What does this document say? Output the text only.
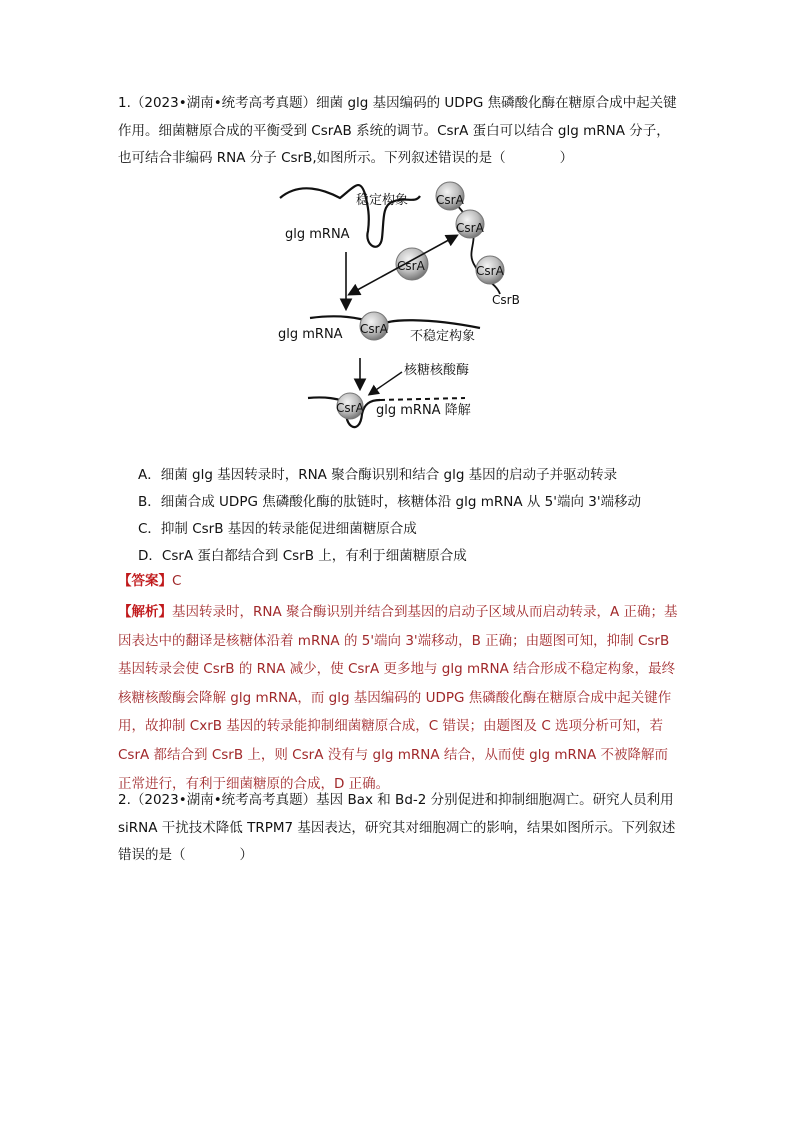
1.（2023•湖南•统考高考真题）细菌 glg 基因编码的 UDPG 焦磷酸化酶在糖原合成中起关键作用。细菌糖原合成的平衡受到 CsrAB 系统的调节。CsrA 蛋白可以结合 glg mRNA 分子，也可结合非编码 RNA 分子 CsrB,如图所示。下列叙述错误的是（　　　　）

稳定构象
glg mRNA
CsrA
CsrA
CsrA
CsrB
CsrA
CsrA
glg mRNA	不稳定构象
核糖核酸酶
CsrA glg mRNA 降解

A．细菌 glg 基因转录时，RNA 聚合酶识别和结合 glg 基因的启动子并驱动转录

B．细菌合成 UDPG 焦磷酸化酶的肽链时，核糖体沿 glg mRNA 从 5'端向 3'端移动

C．抑制 CsrB 基因的转录能促进细菌糖原合成

D．CsrA 蛋白都结合到 CsrB 上，有利于细菌糖原合成

【答案】C

【解析】基因转录时，RNA 聚合酶识别并结合到基因的启动子区域从而启动转录，A 正确；基因表达中的翻译是核糖体沿着 mRNA 的 5'端向 3'端移动，B 正确；由题图可知，抑制 CsrB 基因转录会使 CsrB 的 RNA 减少，使 CsrA 更多地与 glg mRNA 结合形成不稳定构象，最终核糖核酸酶会降解 glg mRNA，而 glg 基因编码的 UDPG 焦磷酸化酶在糖原合成中起关键作用，故抑制 CxrB 基因的转录能抑制细菌糖原合成，C 错误；由题图及 C 选项分析可知，若 CsrA 都结合到 CsrB 上，则 CsrA 没有与 glg mRNA 结合，从而使 glg mRNA 不被降解而正常进行，有利于细菌糖原的合成，D 正确。

2.（2023•湖南•统考高考真题）基因 Bax 和 Bd-2 分别促进和抑制细胞凋亡。研究人员利用 siRNA 干扰技术降低 TRPM7 基因表达，研究其对细胞凋亡的影响，结果如图所示。下列叙述错误的是（　　　　）
